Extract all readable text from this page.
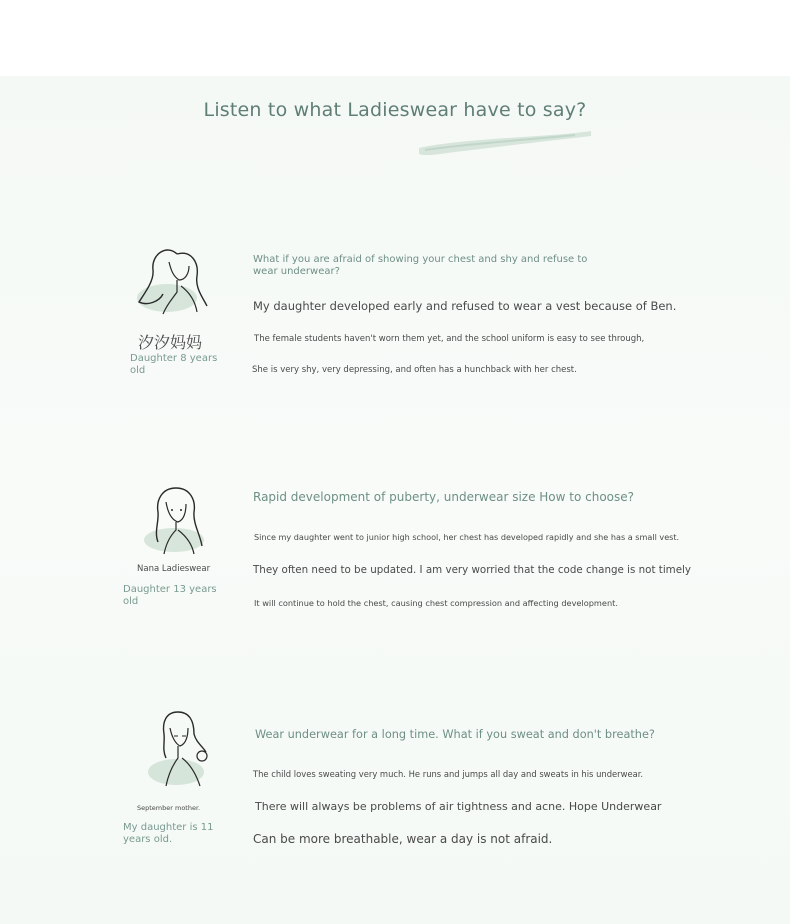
Listen to what Ladieswear have to say?
汐汐妈妈
Daughter 8 years old
What if you are afraid of showing your chest and shy and refuse to wear underwear?
My daughter developed early and refused to wear a vest because of Ben.
The female students haven't worn them yet, and the school uniform is easy to see through,
She is very shy, very depressing, and often has a hunchback with her chest.
Nana Ladieswear
Daughter 13 years old
Rapid development of puberty, underwear size How to choose?
Since my daughter went to junior high school, her chest has developed rapidly and she has a small vest.
They often need to be updated. I am very worried that the code change is not timely
It will continue to hold the chest, causing chest compression and affecting development.
September mother.
My daughter is 11 years old.
Wear underwear for a long time. What if you sweat and don't breathe?
The child loves sweating very much. He runs and jumps all day and sweats in his underwear.
There will always be problems of air tightness and acne. Hope Underwear
Can be more breathable, wear a day is not afraid.
